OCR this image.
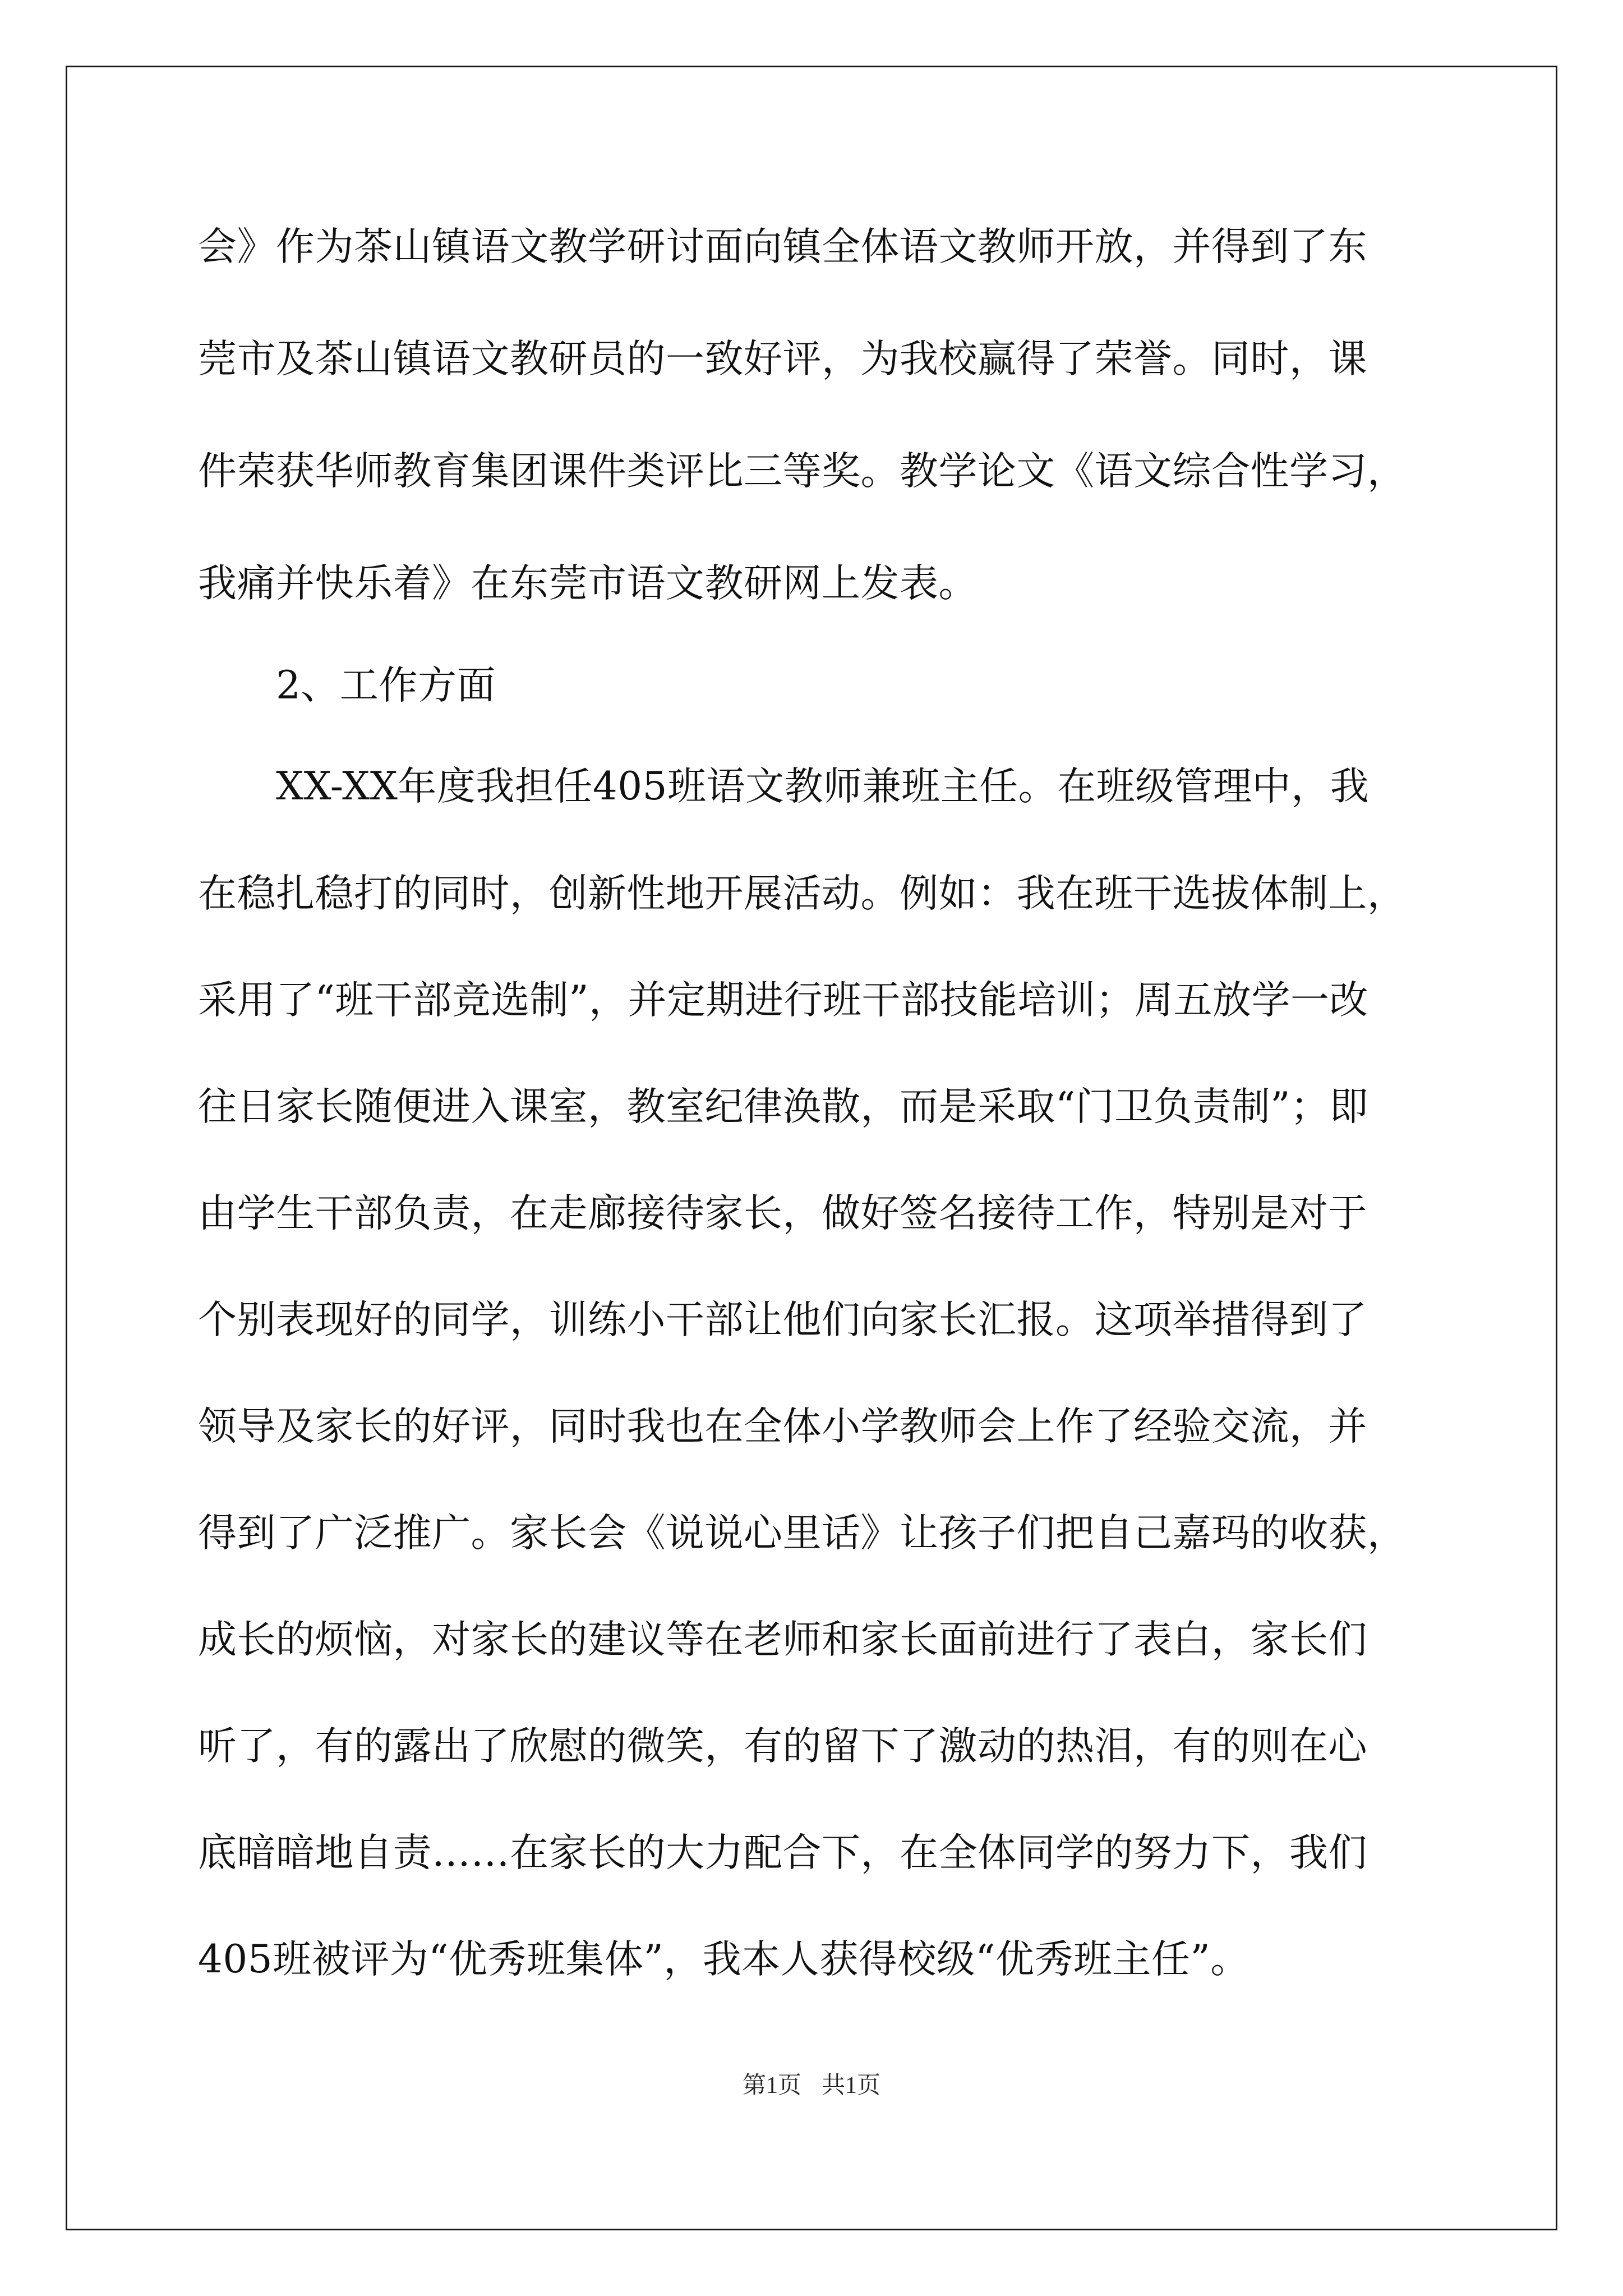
会》作为茶山镇语文教学研讨面向镇全体语文教师开放，并得到了东
莞市及茶山镇语文教研员的一致好评，为我校赢得了荣誉。同时，课
件荣获华师教育集团课件类评比三等奖。教学论文《语文综合性学习，
我痛并快乐着》在东莞市语文教研网上发表。
2、工作方面
XX-XX年度我担任405班语文教师兼班主任。在班级管理中，我
在稳扎稳打的同时，创新性地开展活动。例如：我在班干选拔体制上，
采用了“班干部竞选制”，并定期进行班干部技能培训；周五放学一改
往日家长随便进入课室，教室纪律涣散，而是采取“门卫负责制”；即
由学生干部负责，在走廊接待家长，做好签名接待工作，特别是对于
个别表现好的同学，训练小干部让他们向家长汇报。这项举措得到了
领导及家长的好评，同时我也在全体小学教师会上作了经验交流，并
得到了广泛推广。家长会《说说心里话》让孩子们把自己嘉玛的收获，
成长的烦恼，对家长的建议等在老师和家长面前进行了表白，家长们
听了，有的露出了欣慰的微笑，有的留下了激动的热泪，有的则在心
底暗暗地自责……在家长的大力配合下，在全体同学的努力下，我们
405班被评为“优秀班集体”，我本人获得校级“优秀班主任”。
第1页 共1页
